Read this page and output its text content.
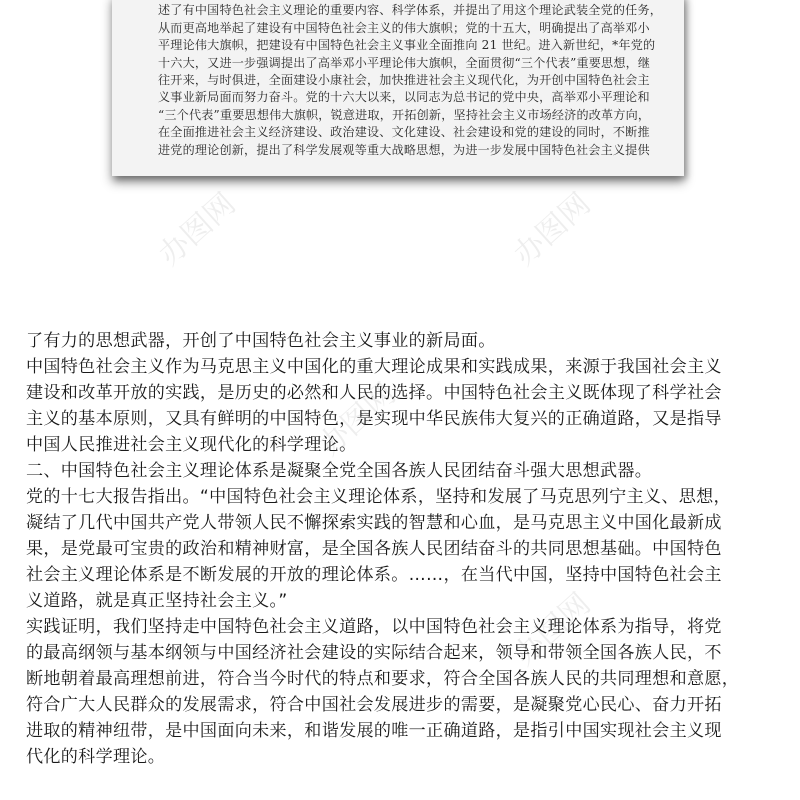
述了有中国特色社会主义理论的重要内容、科学体系，并提出了用这个理论武装全党的任务，
从而更高地举起了建设有中国特色社会主义的伟大旗帜；党的十五大，明确提出了高举邓小
平理论伟大旗帜，把建设有中国特色社会主义事业全面推向 21 世纪。进入新世纪，*年党的
十六大，又进一步强调提出了高举邓小平理论伟大旗帜，全面贯彻“三个代表”重要思想，继
往开来，与时俱进，全面建设小康社会，加快推进社会主义现代化，为开创中国特色社会主
义事业新局面而努力奋斗。党的十六大以来，以同志为总书记的党中央，高举邓小平理论和
“三个代表”重要思想伟大旗帜，锐意进取，开拓创新，坚持社会主义市场经济的改革方向，
在全面推进社会主义经济建设、政治建设、文化建设、社会建设和党的建设的同时，不断推
进党的理论创新，提出了科学发展观等重大战略思想，为进一步发展中国特色社会主义提供

办图网	办图网
办图网
办图网
了有力的思想武器，开创了中国特色社会主义事业的新局面。
中国特色社会主义作为马克思主义中国化的重大理论成果和实践成果，来源于我国社会主义
建设和改革开放的实践，是历史的必然和人民的选择。中国特色社会主义既体现了科学社会
主义的基本原则，又具有鲜明的中国特色，是实现中华民族伟大复兴的正确道路，又是指导
中国人民推进社会主义现代化的科学理论。
二、中国特色社会主义理论体系是凝聚全党全国各族人民团结奋斗强大思想武器。
党的十七大报告指出。“中国特色社会主义理论体系，坚持和发展了马克思列宁主义、思想，
凝结了几代中国共产党人带领人民不懈探索实践的智慧和心血，是马克思主义中国化最新成
果，是党最可宝贵的政治和精神财富，是全国各族人民团结奋斗的共同思想基础。中国特色
社会主义理论体系是不断发展的开放的理论体系。……，在当代中国，坚持中国特色社会主
义道路，就是真正坚持社会主义。”
实践证明，我们坚持走中国特色社会主义道路，以中国特色社会主义理论体系为指导，将党
的最高纲领与基本纲领与中国经济社会建设的实际结合起来，领导和带领全国各族人民，不
断地朝着最高理想前进，符合当今时代的特点和要求，符合全国各族人民的共同理想和意愿，
符合广大人民群众的发展需求，符合中国社会发展进步的需要，是凝聚党心民心、奋力开拓
进取的精神纽带，是中国面向未来，和谐发展的唯一正确道路，是指引中国实现社会主义现
代化的科学理论。
